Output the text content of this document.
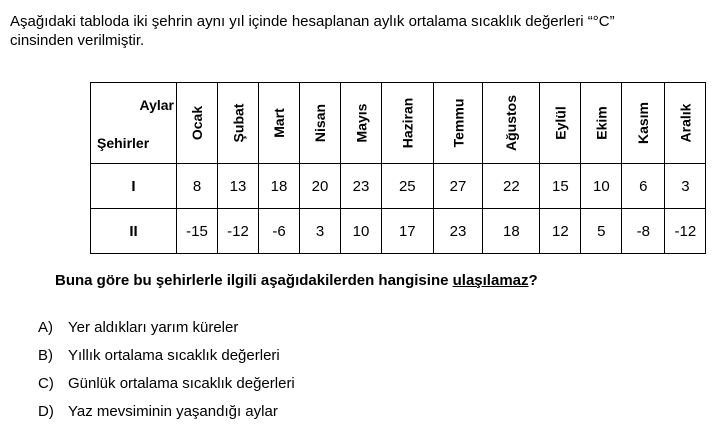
Aşağıdaki tabloda iki şehrin aynı yıl içinde hesaplanan aylık ortalama sıcaklık değerleri “°C”
cinsinden verilmiştir.
Aylar
Şehirler	Ocak	Şubat	Mart	Nisan	Mayıs	Haziran	Temmu	Ağustos	Eylül	Ekim	Kasım	Aralık
I	8	13	18	20	23	25	27	22	15	10	6	3
II	-15	-12	-6	3	10	17	23	18	12	5	-8	-12
Buna göre bu şehirlerle ilgili aşağıdakilerden hangisine ulaşılamaz?
A) Yer aldıkları yarım küreler
B) Yıllık ortalama sıcaklık değerleri
C) Günlük ortalama sıcaklık değerleri
D) Yaz mevsiminin yaşandığı aylar
